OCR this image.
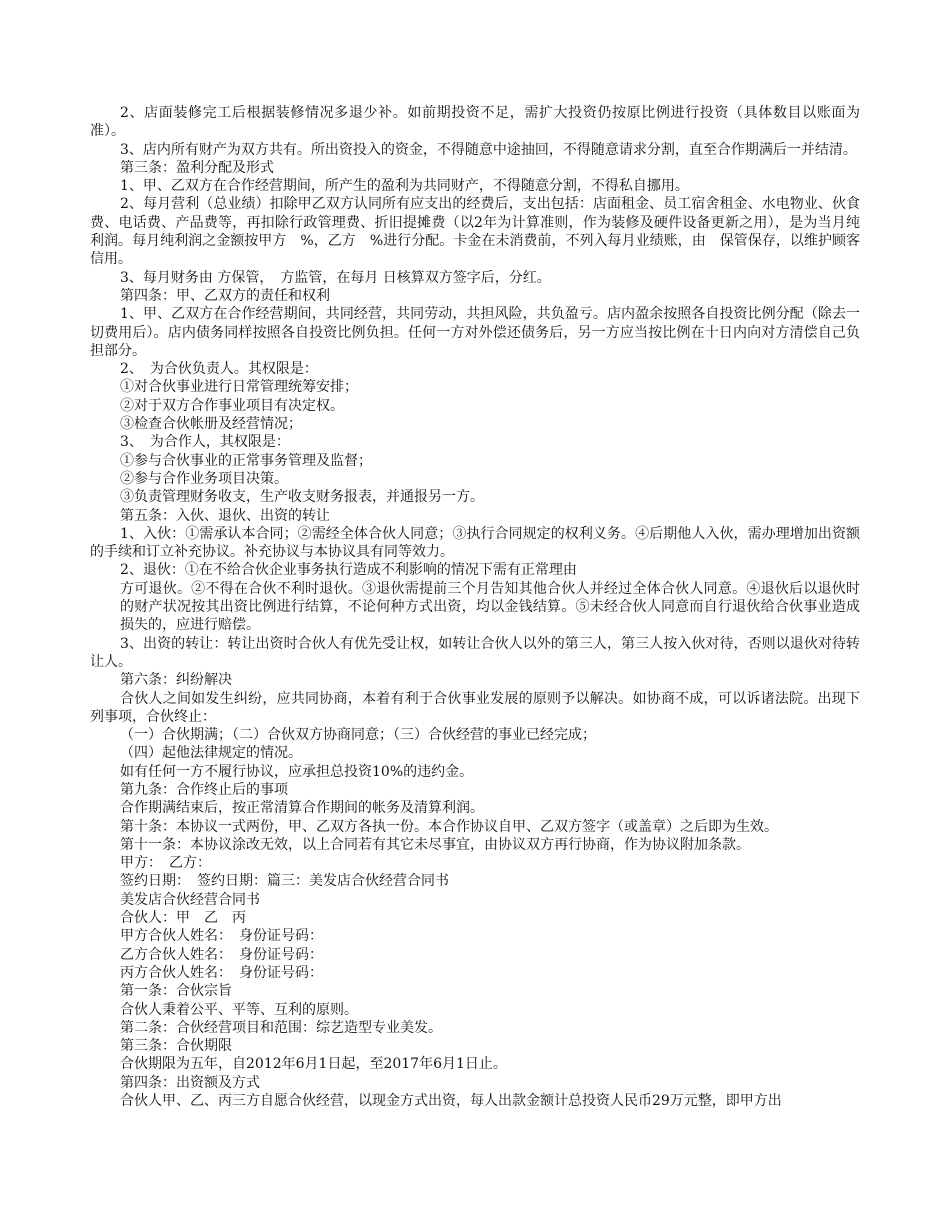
2、店面装修完工后根据装修情况多退少补。如前期投资不足，需扩大投资仍按原比例进行投资（具体数目以账面为准）。

3、店内所有财产为双方共有。所出资投入的资金，不得随意中途抽回，不得随意请求分割，直至合作期满后一并结清。

第三条：盈利分配及形式

1、甲、乙双方在合作经营期间，所产生的盈利为共同财产，不得随意分割，不得私自挪用。

2、每月营利（总业绩）扣除甲乙双方认同所有应支出的经费后，支出包括：店面租金、员工宿舍租金、水电物业、伙食费、电话费、产品费等，再扣除行政管理费、折旧提摊费（以2年为计算准则，作为装修及硬件设备更新之用），是为当月纯利润。每月纯利润之金额按甲方　%，乙方　%进行分配。卡金在未消费前，不列入每月业绩账，由　保管保存，以维护顾客信用。

3、每月财务由 方保管，　方监管，在每月 日核算双方签字后，分红。

第四条：甲、乙双方的责任和权利

1、甲、乙双方在合作经营期间，共同经营，共同劳动，共担风险，共负盈亏。店内盈余按照各自投资比例分配（除去一切费用后）。店内债务同样按照各自投资比例负担。任何一方对外偿还债务后，另一方应当按比例在十日内向对方清偿自己负担部分。

2、　为合伙负责人。其权限是：

①对合伙事业进行日常管理统筹安排；

②对于双方合作事业项目有决定权。

③检查合伙帐册及经营情况；

3、　为合作人，其权限是：

①参与合伙事业的正常事务管理及监督；

②参与合作业务项目决策。

③负责管理财务收支，生产收支财务报表，并通报另一方。

第五条：入伙、退伙、出资的转让

1、入伙：①需承认本合同；②需经全体合伙人同意；③执行合同规定的权利义务。④后期他人入伙，需办理增加出资额的手续和订立补充协议。补充协议与本协议具有同等效力。

2、退伙：①在不给合伙企业事务执行造成不利影响的情况下需有正常理由

方可退伙。②不得在合伙不利时退伙。③退伙需提前三个月告知其他合伙人并经过全体合伙人同意。④退伙后以退伙时的财产状况按其出资比例进行结算，不论何种方式出资，均以金钱结算。⑤未经合伙人同意而自行退伙给合伙事业造成损失的，应进行赔偿。

3、出资的转让：转让出资时合伙人有优先受让权，如转让合伙人以外的第三人，第三人按入伙对待，否则以退伙对待转让人。

第六条：纠纷解决

合伙人之间如发生纠纷，应共同协商，本着有利于合伙事业发展的原则予以解决。如协商不成，可以诉诸法院。出现下列事项，合伙终止：

（一）合伙期满；（二）合伙双方协商同意；（三）合伙经营的事业已经完成；

（四）起他法律规定的情况。

如有任何一方不履行协议，应承担总投资10%的违约金。

第九条：合作终止后的事项

合作期满结束后，按正常清算合作期间的帐务及清算利润。

第十条：本协议一式两份，甲、乙双方各执一份。本合作协议自甲、乙双方签字（或盖章）之后即为生效。

第十一条：本协议涂改无效，以上合同若有其它未尽事宜，由协议双方再行协商，作为协议附加条款。

甲方：　乙方：

签约日期：　签约日期：篇三：美发店合伙经营合同书

美发店合伙经营合同书

合伙人：甲　乙　丙

甲方合伙人姓名：　身份证号码：

乙方合伙人姓名：　身份证号码：

丙方合伙人姓名：　身份证号码：

第一条：合伙宗旨

合伙人秉着公平、平等、互利的原则。

第二条：合伙经营项目和范围：综艺造型专业美发。

第三条：合伙期限

合伙期限为五年，自2012年6月1日起，至2017年6月1日止。

第四条：出资额及方式

合伙人甲、乙、丙三方自愿合伙经营，以现金方式出资，每人出款金额计总投资人民币29万元整，即甲方出
